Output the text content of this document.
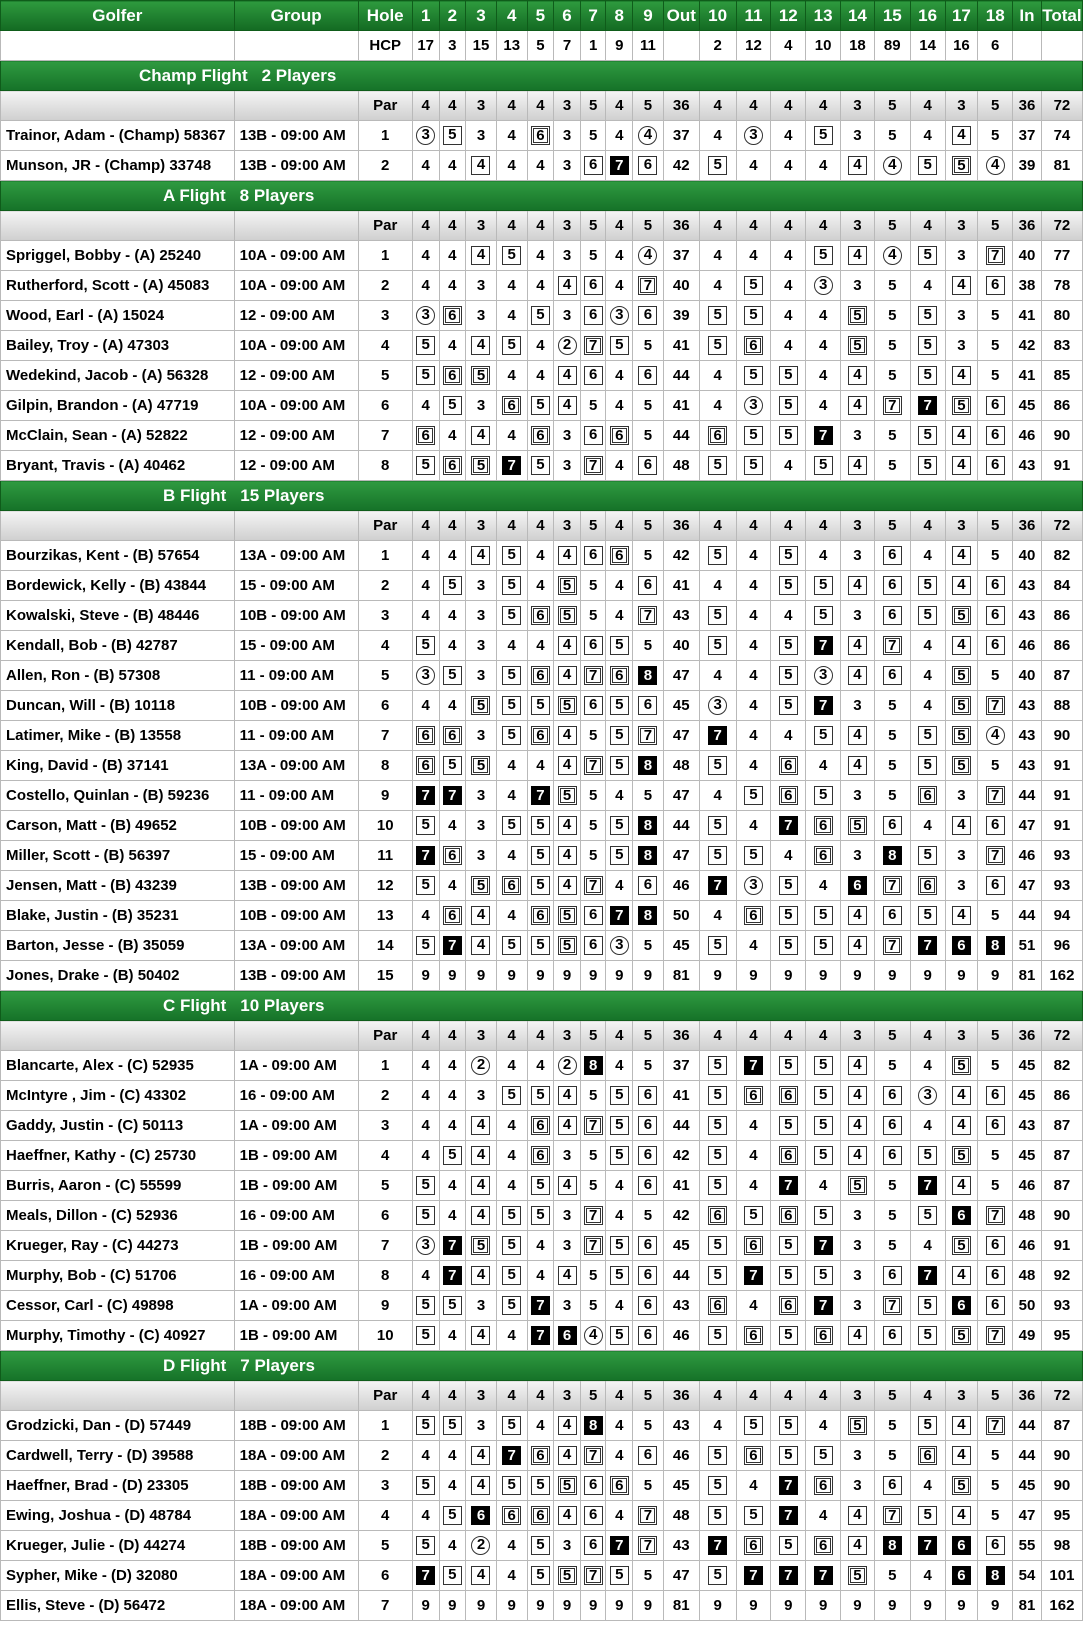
Golfer	Group	Hole	1	2	3	4	5	6	7	8	9	Out	10	11	12	13	14	15	16	17	18	In	Total
		HCP	17	3	15	13	5	7	1	9	11		2	12	4	10	18	89	14	16	6		
Champ Flight 2 Players																							
		Par	4	4	3	4	4	3	5	4	5	36	4	4	4	4	3	5	4	3	5	36	72
Trainor, Adam - (Champ) 58367	13B - 09:00 AM	1	3	5	3	4	6	3	5	4	4	37	4	3	4	5	3	5	4	4	5	37	74
Munson, JR - (Champ) 33748	13B - 09:00 AM	2	4	4	4	4	4	3	6	7	6	42	5	4	4	4	4	4	5	5	4	39	81
A Flight 8 Players																							
		Par	4	4	3	4	4	3	5	4	5	36	4	4	4	4	3	5	4	3	5	36	72
Spriggel, Bobby - (A) 25240	10A - 09:00 AM	1	4	4	4	5	4	3	5	4	4	37	4	4	4	5	4	4	5	3	7	40	77
Rutherford, Scott - (A) 45083	10A - 09:00 AM	2	4	4	3	4	4	4	6	4	7	40	4	5	4	3	3	5	4	4	6	38	78
Wood, Earl - (A) 15024	12 - 09:00 AM	3	3	6	3	4	5	3	6	3	6	39	5	5	4	4	5	5	5	3	5	41	80
Bailey, Troy - (A) 47303	10A - 09:00 AM	4	5	4	4	5	4	2	7	5	5	41	5	6	4	4	5	5	5	3	5	42	83
Wedekind, Jacob - (A) 56328	12 - 09:00 AM	5	5	6	5	4	4	4	6	4	6	44	4	5	5	4	4	5	5	4	5	41	85
Gilpin, Brandon - (A) 47719	10A - 09:00 AM	6	4	5	3	6	5	4	5	4	5	41	4	3	5	4	4	7	7	5	6	45	86
McClain, Sean - (A) 52822	12 - 09:00 AM	7	6	4	4	4	6	3	6	6	5	44	6	5	5	7	3	5	5	4	6	46	90
Bryant, Travis - (A) 40462	12 - 09:00 AM	8	5	6	5	7	5	3	7	4	6	48	5	5	4	5	4	5	5	4	6	43	91
B Flight 15 Players																							
		Par	4	4	3	4	4	3	5	4	5	36	4	4	4	4	3	5	4	3	5	36	72
Bourzikas, Kent - (B) 57654	13A - 09:00 AM	1	4	4	4	5	4	4	6	6	5	42	5	4	5	4	3	6	4	4	5	40	82
Bordewick, Kelly - (B) 43844	15 - 09:00 AM	2	4	5	3	5	4	5	5	4	6	41	4	4	5	5	4	6	5	4	6	43	84
Kowalski, Steve - (B) 48446	10B - 09:00 AM	3	4	4	3	5	6	5	5	4	7	43	5	4	4	5	3	6	5	5	6	43	86
Kendall, Bob - (B) 42787	15 - 09:00 AM	4	5	4	3	4	4	4	6	5	5	40	5	4	5	7	4	7	4	4	6	46	86
Allen, Ron - (B) 57308	11 - 09:00 AM	5	3	5	3	5	6	4	7	6	8	47	4	4	5	3	4	6	4	5	5	40	87
Duncan, Will - (B) 10118	10B - 09:00 AM	6	4	4	5	5	5	5	6	5	6	45	3	4	5	7	3	5	4	5	7	43	88
Latimer, Mike - (B) 13558	11 - 09:00 AM	7	6	6	3	5	6	4	5	5	7	47	7	4	4	5	4	5	5	5	4	43	90
King, David - (B) 37141	13A - 09:00 AM	8	6	5	5	4	4	4	7	5	8	48	5	4	6	4	4	5	5	5	5	43	91
Costello, Quinlan - (B) 59236	11 - 09:00 AM	9	7	7	3	4	7	5	5	4	5	47	4	5	6	5	3	5	6	3	7	44	91
Carson, Matt - (B) 49652	10B - 09:00 AM	10	5	4	3	5	5	4	5	5	8	44	5	4	7	6	5	6	4	4	6	47	91
Miller, Scott - (B) 56397	15 - 09:00 AM	11	7	6	3	4	5	4	5	5	8	47	5	5	4	6	3	8	5	3	7	46	93
Jensen, Matt - (B) 43239	13B - 09:00 AM	12	5	4	5	6	5	4	7	4	6	46	7	3	5	4	6	7	6	3	6	47	93
Blake, Justin - (B) 35231	10B - 09:00 AM	13	4	6	4	4	6	5	6	7	8	50	4	6	5	5	4	6	5	4	5	44	94
Barton, Jesse - (B) 35059	13A - 09:00 AM	14	5	7	4	5	5	5	6	3	5	45	5	4	5	5	4	7	7	6	8	51	96
Jones, Drake - (B) 50402	13B - 09:00 AM	15	9	9	9	9	9	9	9	9	9	81	9	9	9	9	9	9	9	9	9	81	162
C Flight 10 Players																							
		Par	4	4	3	4	4	3	5	4	5	36	4	4	4	4	3	5	4	3	5	36	72
Blancarte, Alex - (C) 52935	1A - 09:00 AM	1	4	4	2	4	4	2	8	4	5	37	5	7	5	5	4	5	4	5	5	45	82
McIntyre , Jim - (C) 43302	16 - 09:00 AM	2	4	4	3	5	5	4	5	5	6	41	5	6	6	5	4	6	3	4	6	45	86
Gaddy, Justin - (C) 50113	1A - 09:00 AM	3	4	4	4	4	6	4	7	5	6	44	5	4	5	5	4	6	4	4	6	43	87
Haeffner, Kathy - (C) 25730	1B - 09:00 AM	4	4	5	4	4	6	3	5	5	6	42	5	4	6	5	4	6	5	5	5	45	87
Burris, Aaron - (C) 55599	1B - 09:00 AM	5	5	4	4	4	5	4	5	4	6	41	5	4	7	4	5	5	7	4	5	46	87
Meals, Dillon - (C) 52936	16 - 09:00 AM	6	5	4	4	5	5	3	7	4	5	42	6	5	6	5	3	5	5	6	7	48	90
Krueger, Ray - (C) 44273	1B - 09:00 AM	7	3	7	5	5	4	3	7	5	6	45	5	6	5	7	3	5	4	5	6	46	91
Murphy, Bob - (C) 51706	16 - 09:00 AM	8	4	7	4	5	4	4	5	5	6	44	5	7	5	5	3	6	7	4	6	48	92
Cessor, Carl - (C) 49898	1A - 09:00 AM	9	5	5	3	5	7	3	5	4	6	43	6	4	6	7	3	7	5	6	6	50	93
Murphy, Timothy - (C) 40927	1B - 09:00 AM	10	5	4	4	4	7	6	4	5	6	46	5	6	5	6	4	6	5	5	7	49	95
D Flight 7 Players																							
		Par	4	4	3	4	4	3	5	4	5	36	4	4	4	4	3	5	4	3	5	36	72
Grodzicki, Dan - (D) 57449	18B - 09:00 AM	1	5	5	3	5	4	4	8	4	5	43	4	5	5	4	5	5	5	4	7	44	87
Cardwell, Terry - (D) 39588	18A - 09:00 AM	2	4	4	4	7	6	4	7	4	6	46	5	6	5	5	3	5	6	4	5	44	90
Haeffner, Brad - (D) 23305	18B - 09:00 AM	3	5	4	4	5	5	5	6	6	5	45	5	4	7	6	3	6	4	5	5	45	90
Ewing, Joshua - (D) 48784	18A - 09:00 AM	4	4	5	6	6	6	4	6	4	7	48	5	5	7	4	4	7	5	4	5	47	95
Krueger, Julie - (D) 44274	18B - 09:00 AM	5	5	4	2	4	5	3	6	7	7	43	7	6	5	6	4	8	7	6	6	55	98
Sypher, Mike - (D) 32080	18A - 09:00 AM	6	7	5	4	4	5	5	7	5	5	47	5	7	7	7	5	5	4	6	8	54	101
Ellis, Steve - (D) 56472	18A - 09:00 AM	7	9	9	9	9	9	9	9	9	9	81	9	9	9	9	9	9	9	9	9	81	162
